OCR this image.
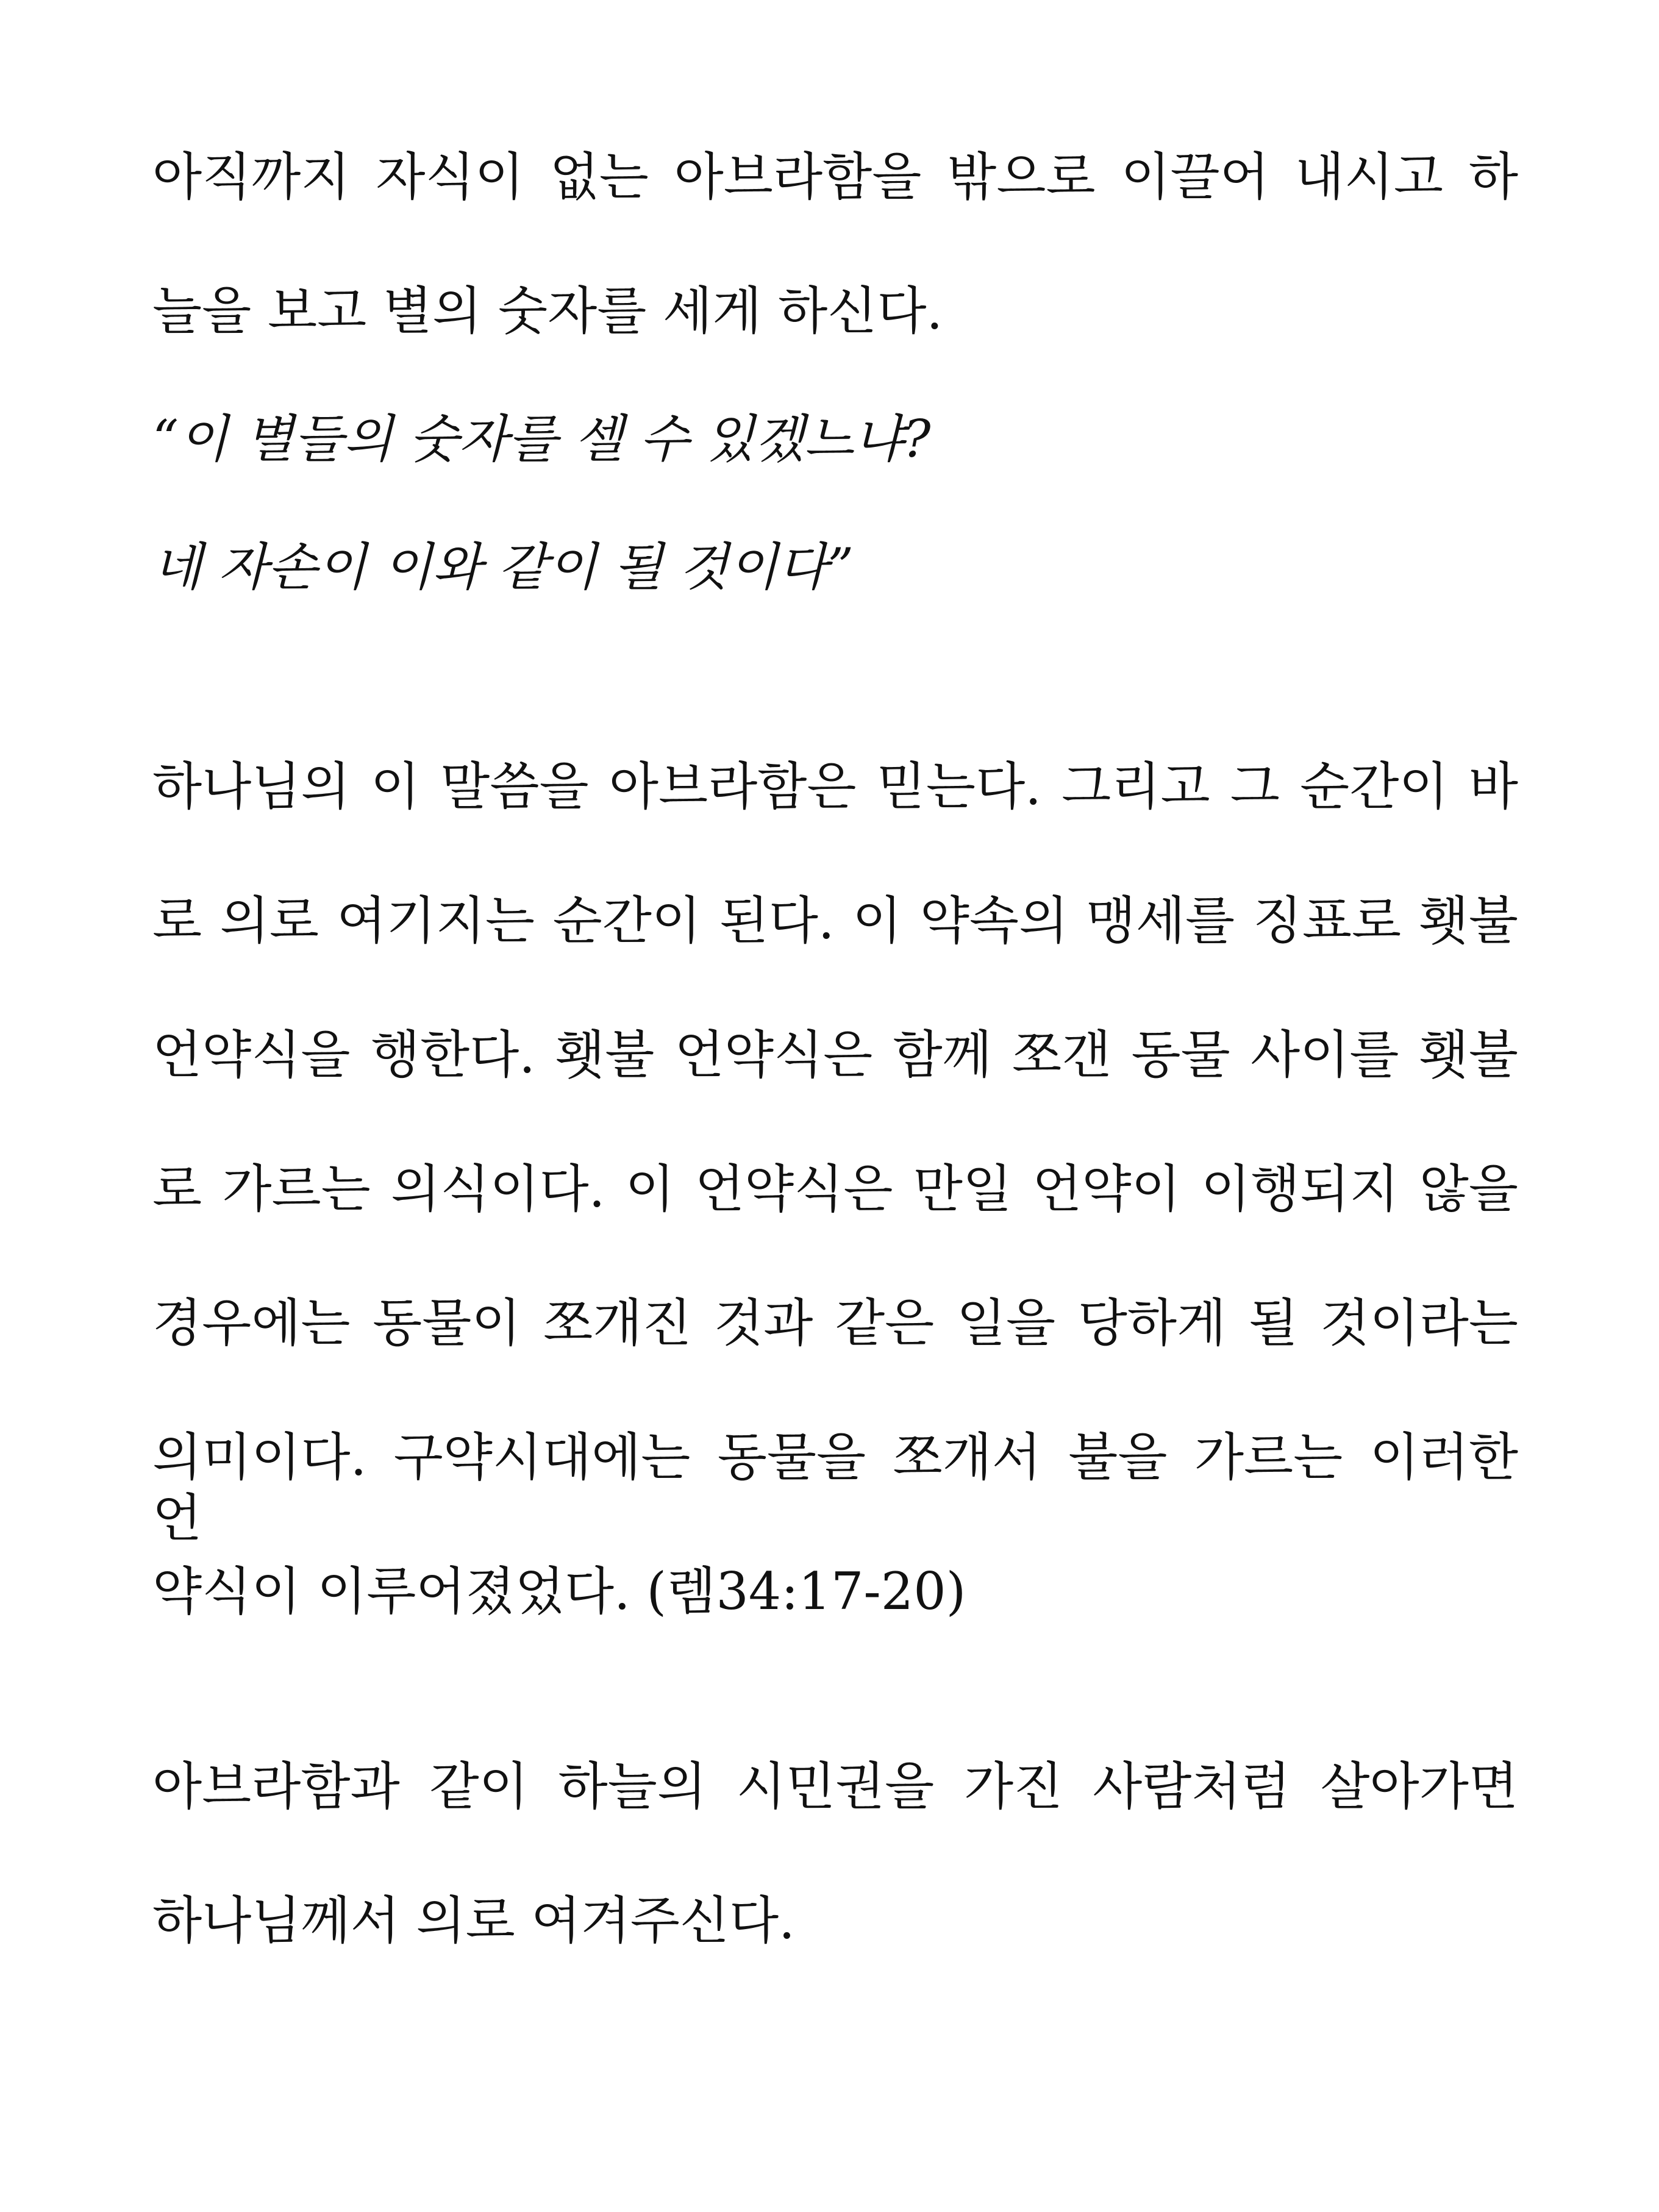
아직까지 자식이 없는 아브라함을 밖으로 이끌어 내시고 하
늘을 보고 별의 숫자를 세게 하신다.
“이 별들의 숫자를 셀 수 있겠느냐?
네 자손이 이와 같이 될 것이다”
하나님의 이 말씀을 아브라함은 믿는다. 그리고 그 순간이 바
로 의로 여기지는 순간이 된다. 이 약속의 맹세를 징표로 횃불
언약식을 행한다. 횃불 언약식은 함께 쪼갠 동물 사이를 횃불
로 가르는 의식이다. 이 언약식은 만일 언약이 이행되지 않을
경우에는 동물이 쪼개진 것과 같은 일을 당하게 될 것이라는
의미이다. 구약시대에는 동물을 쪼개서 불을 가르는 이러한 언
약식이 이루어졌었다. (렘34:17-20)
아브라함과 같이 하늘의 시민권을 가진 사람처럼 살아가면
하나님께서 의로 여겨주신다.
